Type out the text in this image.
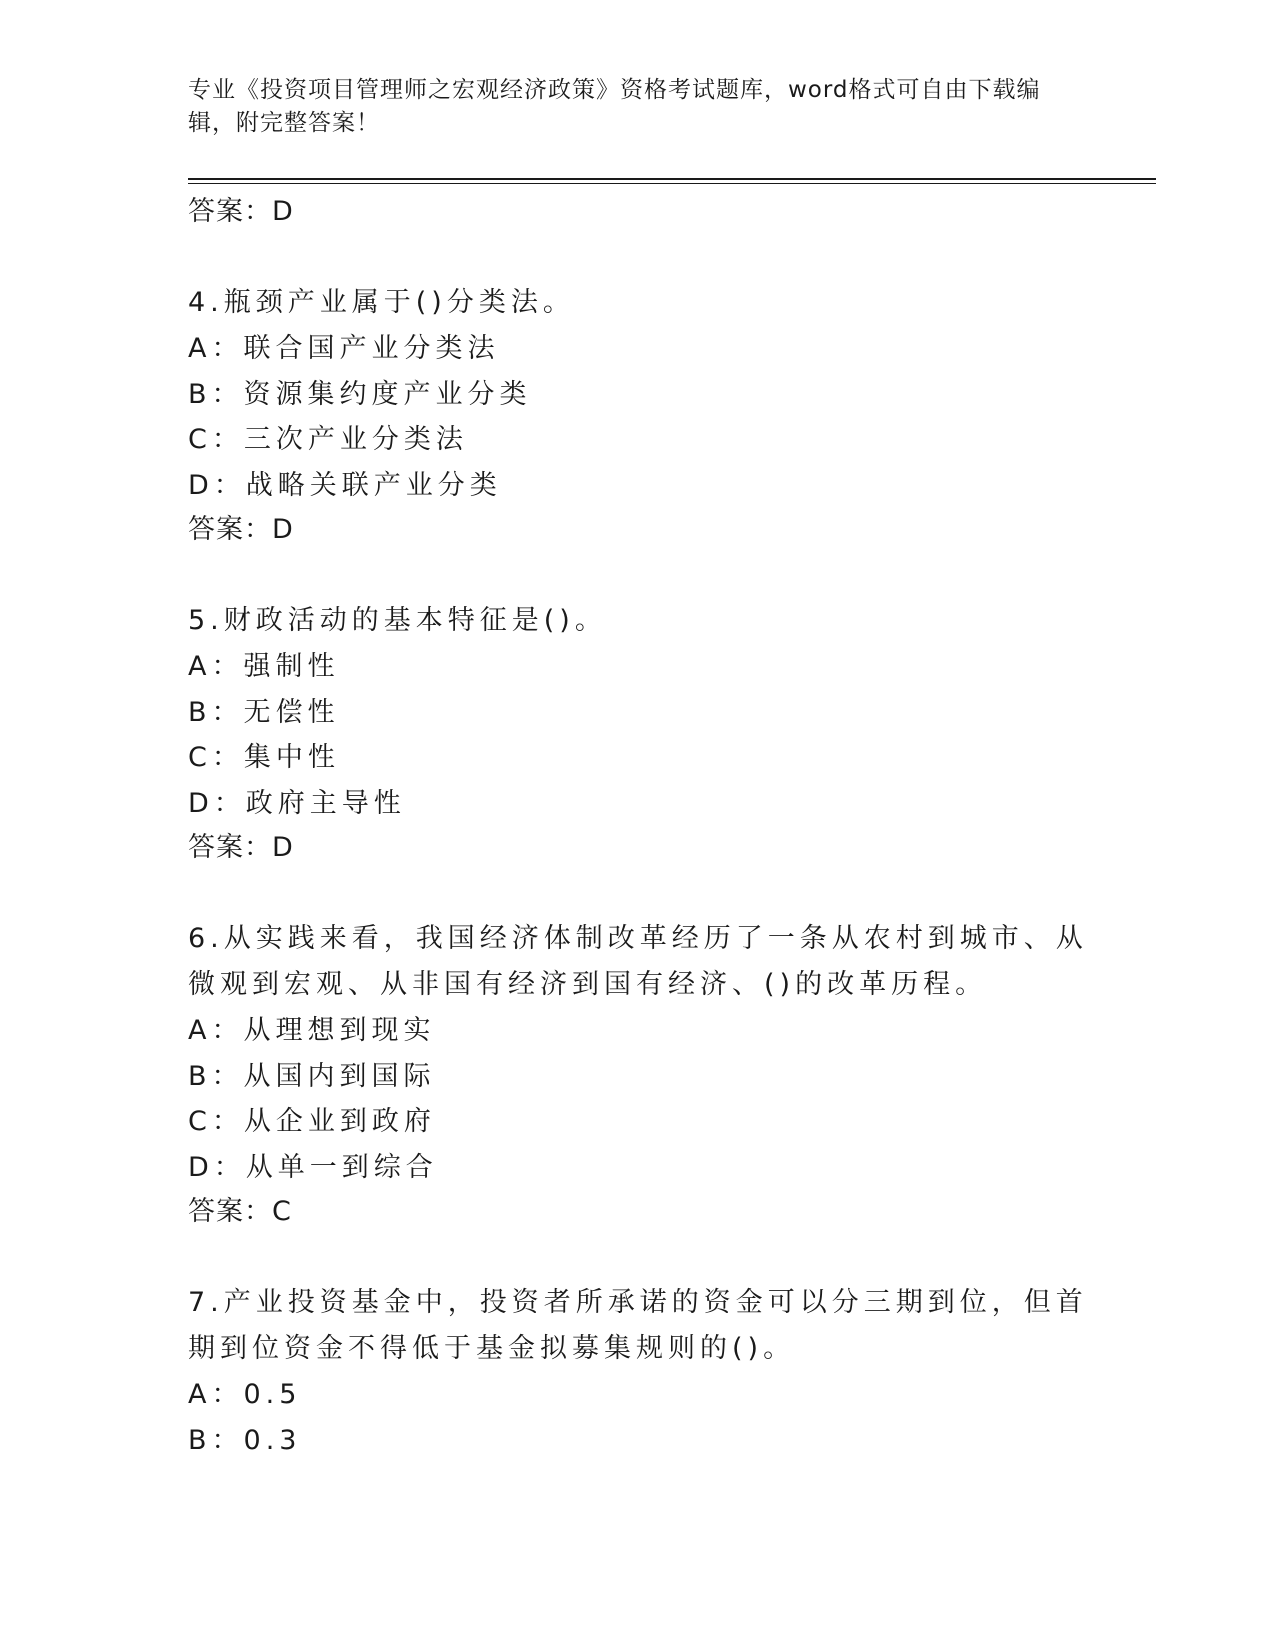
专业《投资项目管理师之宏观经济政策》资格考试题库，word格式可自由下载编辑，附完整答案！
答案：D
4.瓶颈产业属于()分类法。
A：联合国产业分类法
B：资源集约度产业分类
C：三次产业分类法
D：战略关联产业分类
答案：D
5.财政活动的基本特征是()。
A：强制性
B：无偿性
C：集中性
D：政府主导性
答案：D
6.从实践来看，我国经济体制改革经历了一条从农村到城市、从微观到宏观、从非国有经济到国有经济、()的改革历程。
A：从理想到现实
B：从国内到国际
C：从企业到政府
D：从单一到综合
答案：C
7.产业投资基金中，投资者所承诺的资金可以分三期到位，但首期到位资金不得低于基金拟募集规则的()。
A：0.5
B：0.3
